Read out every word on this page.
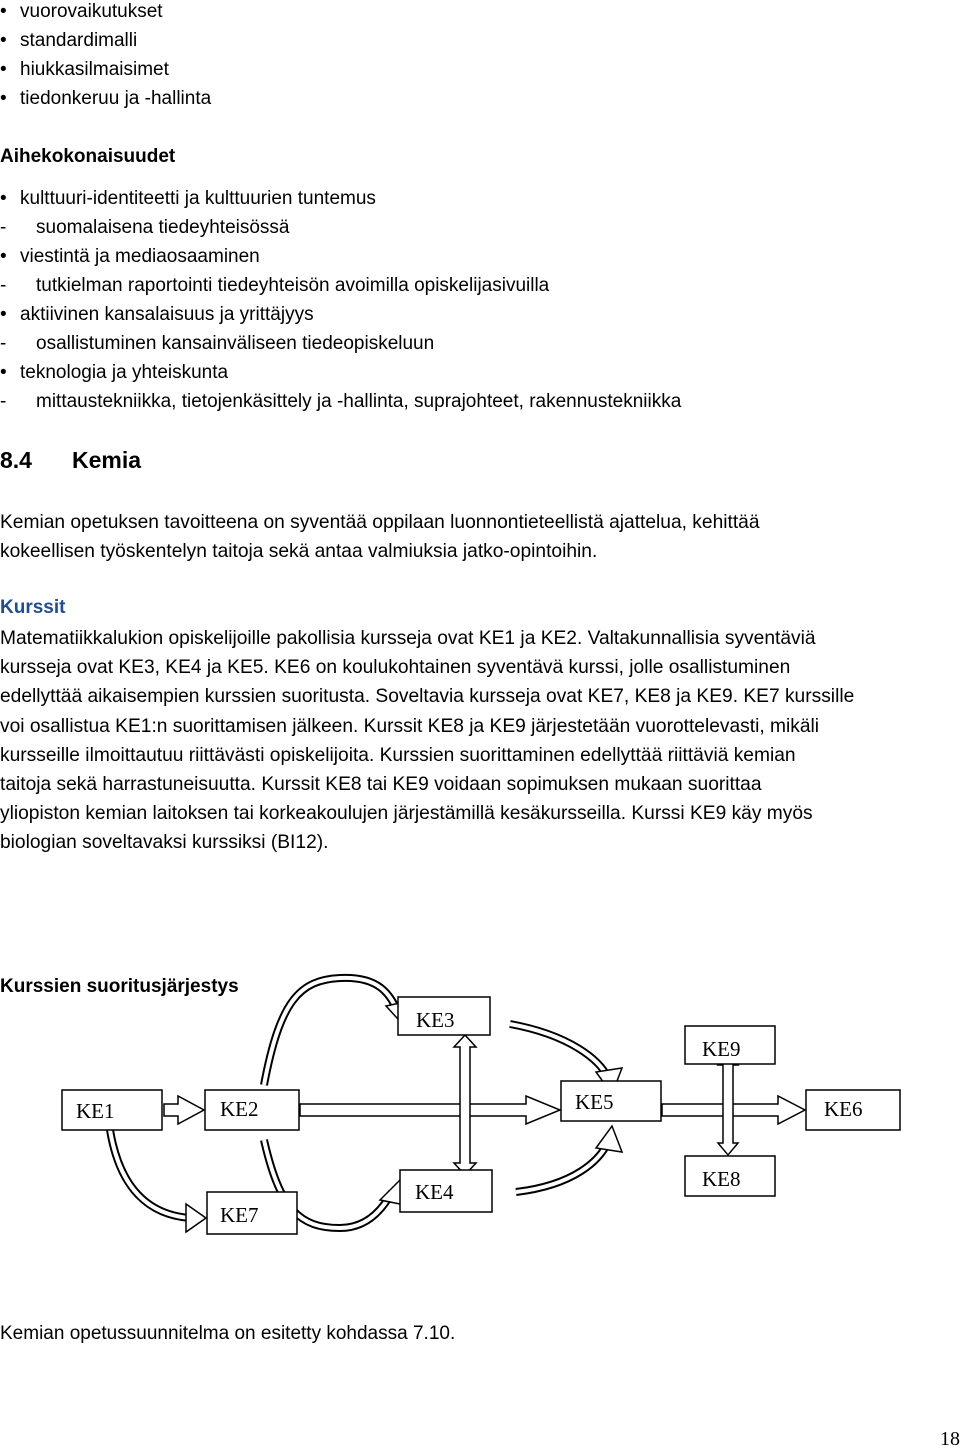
• vuorovaikutukset
• standardimalli
• hiukkasilmaisimet
• tiedonkeruu ja -hallinta
Aihekokonaisuudet
• kulttuuri-identiteetti ja kulttuurien tuntemus
- suomalaisena tiedeyhteisössä
• viestintä ja mediaosaaminen
- tutkielman raportointi tiedeyhteisön avoimilla opiskelijasivuilla
• aktiivinen kansalaisuus ja yrittäjyys
- osallistuminen kansainväliseen tiedeopiskeluun
• teknologia ja yhteiskunta
- mittaustekniikka, tietojenkäsittely ja -hallinta, suprajohteet, rakennustekniikka
8.4 Kemia

Kemian opetuksen tavoitteena on syventää oppilaan luonnontieteellistä ajattelua, kehittää

kokeellisen työskentelyn taitoja sekä antaa valmiuksia jatko-opintoihin.

Kurssit

Matematiikkalukion opiskelijoille pakollisia kursseja ovat KE1 ja KE2. Valtakunnallisia syventäviä

kursseja ovat KE3, KE4 ja KE5. KE6 on koulukohtainen syventävä kurssi, jolle osallistuminen

edellyttää aikaisempien kurssien suoritusta. Soveltavia kursseja ovat KE7, KE8 ja KE9. KE7 kurssille

voi osallistua KE1:n suorittamisen jälkeen. Kurssit KE8 ja KE9 järjestetään vuorottelevasti, mikäli

kursseille ilmoittautuu riittävästi opiskelijoita. Kurssien suorittaminen edellyttää riittäviä kemian

taitoja sekä harrastuneisuutta. Kurssit KE8 tai KE9 voidaan sopimuksen mukaan suorittaa

yliopiston kemian laitoksen tai korkeakoulujen järjestämillä kesäkursseilla. Kurssi KE9 käy myös

biologian soveltavaksi kurssiksi (BI12).

Kurssien suoritusjärjestys
KE3
KE9
KE1	KE2	KE5	KE6
KE4
KE8
KE7
Kemian opetussuunnitelma on esitetty kohdassa 7.10.
18
